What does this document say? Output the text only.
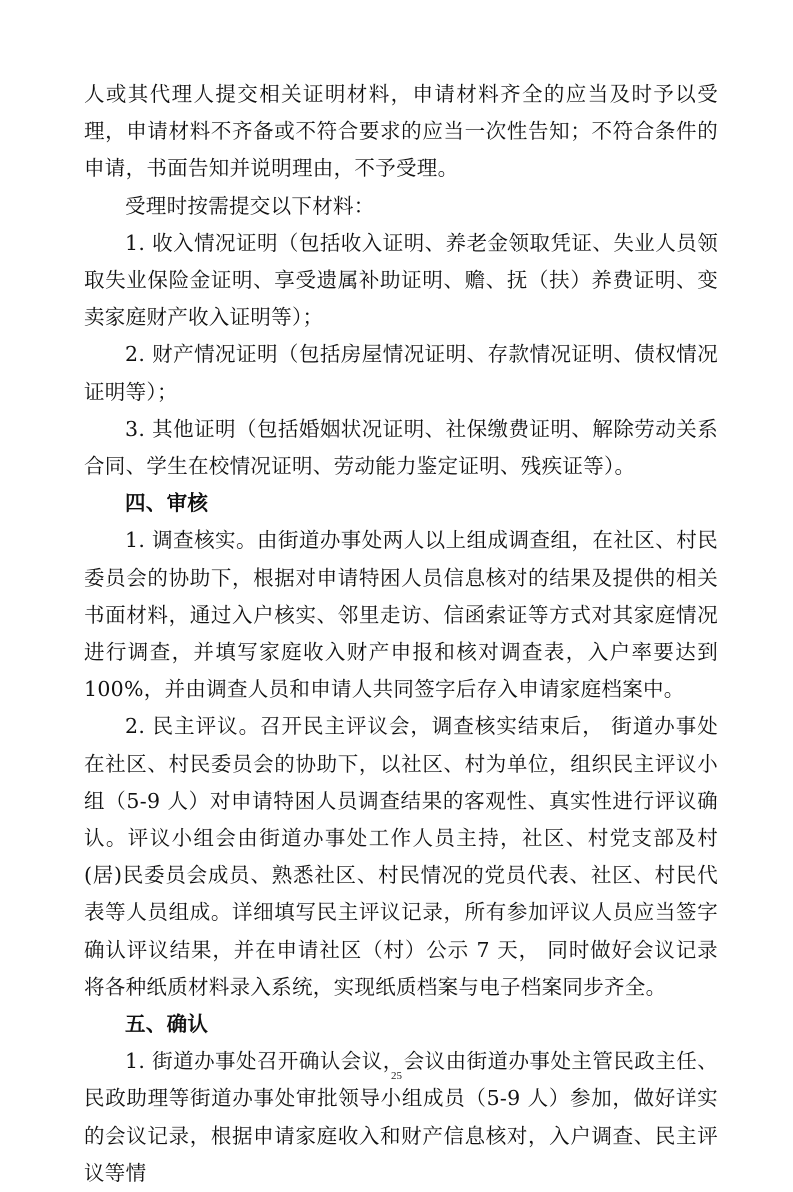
人或其代理人提交相关证明材料，申请材料齐全的应当及时予以受理，申请材料不齐备或不符合要求的应当一次性告知；不符合条件的申请，书面告知并说明理由，不予受理。

受理时按需提交以下材料：

1. 收入情况证明（包括收入证明、养老金领取凭证、失业人员领取失业保险金证明、享受遗属补助证明、赡、抚（扶）养费证明、变卖家庭财产收入证明等）；

2. 财产情况证明（包括房屋情况证明、存款情况证明、债权情况证明等）；

3. 其他证明（包括婚姻状况证明、社保缴费证明、解除劳动关系合同、学生在校情况证明、劳动能力鉴定证明、残疾证等）。

四、审核

1. 调查核实。由街道办事处两人以上组成调查组，在社区、村民委员会的协助下，根据对申请特困人员信息核对的结果及提供的相关书面材料，通过入户核实、邻里走访、信函索证等方式对其家庭情况进行调查，并填写家庭收入财产申报和核对调查表，入户率要达到 100%，并由调查人员和申请人共同签字后存入申请家庭档案中。

2. 民主评议。召开民主评议会，调查核实结束后， 街道办事处在社区、村民委员会的协助下，以社区、村为单位，组织民主评议小组（5-9 人）对申请特困人员调查结果的客观性、真实性进行评议确认。评议小组会由街道办事处工作人员主持，社区、村党支部及村(居)民委员会成员、熟悉社区、村民情况的党员代表、社区、村民代表等人员组成。详细填写民主评议记录，所有参加评议人员应当签字确认评议结果，并在申请社区（村）公示 7 天， 同时做好会议记录将各种纸质材料录入系统，实现纸质档案与电子档案同步齐全。

五、确认

1. 街道办事处召开确认会议，会议由街道办事处主管民政主任、民政助理等街道办事处审批领导小组成员（5-9 人）参加，做好详实的会议记录，根据申请家庭收入和财产信息核对，入户调查、民主评议等情

25
